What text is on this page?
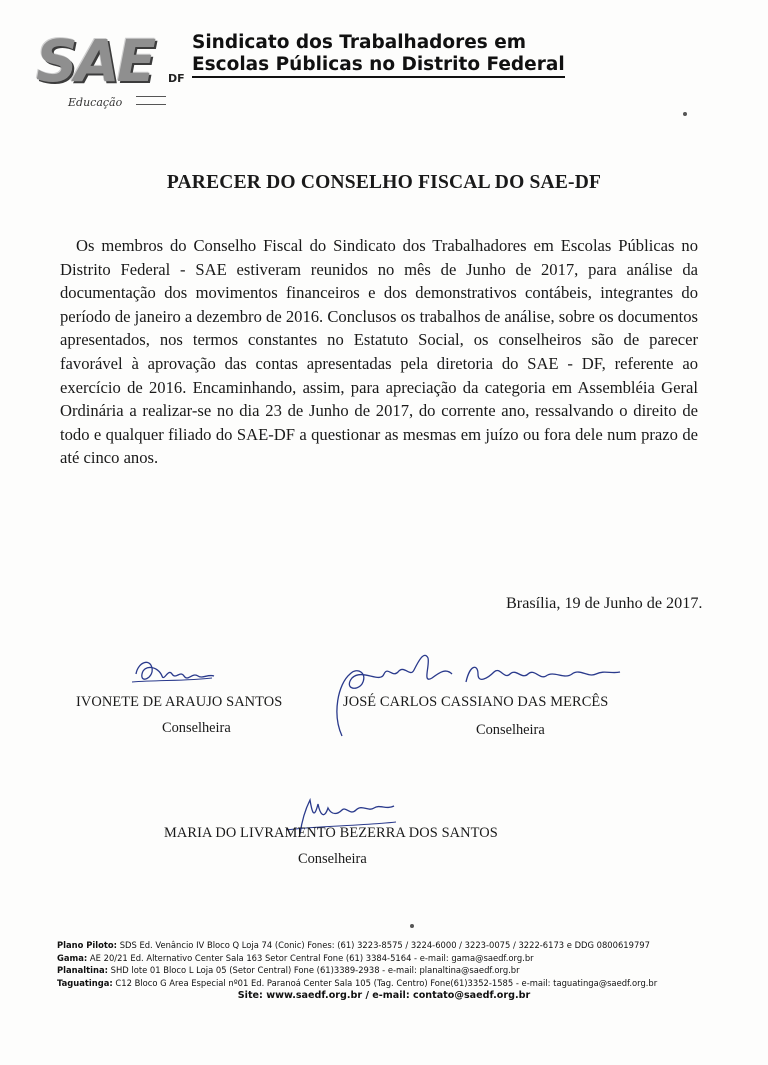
SAE DF
Educação
Sindicato dos Trabalhadores em
Escolas Públicas no Distrito Federal
PARECER DO CONSELHO FISCAL DO SAE-DF
Os membros do Conselho Fiscal do Sindicato dos Trabalhadores em Escolas Públicas no Distrito Federal - SAE estiveram reunidos no mês de Junho de 2017, para análise da documentação dos movimentos financeiros e dos demonstrativos contábeis, integrantes do período de janeiro a dezembro de 2016. Conclusos os trabalhos de análise, sobre os documentos apresentados, nos termos constantes no Estatuto Social, os conselheiros são de parecer favorável à aprovação das contas apresentadas pela diretoria do SAE - DF, referente ao exercício de 2016. Encaminhando, assim, para apreciação da categoria em Assembléia Geral Ordinária a realizar-se no dia 23 de Junho de 2017, do corrente ano, ressalvando o direito de todo e qualquer filiado do SAE-DF a questionar as mesmas em juízo ou fora dele num prazo de até cinco anos.
Brasília, 19 de Junho de 2017.
IVONETE DE ARAUJO SANTOS
Conselheira
JOSÉ CARLOS CASSIANO DAS MERCÊS
Conselheira
MARIA DO LIVRAMENTO BEZERRA DOS SANTOS
Conselheira
Plano Piloto: SDS Ed. Venâncio IV Bloco Q Loja 74 (Conic) Fones: (61) 3223-8575 / 3224-6000 / 3223-0075 / 3222-6173 e DDG 0800619797
Gama: AE 20/21 Ed. Alternativo Center Sala 163 Setor Central Fone (61) 3384-5164 - e-mail: gama@saedf.org.br
Planaltina: SHD lote 01 Bloco L Loja 05 (Setor Central) Fone (61)3389-2938 - e-mail: planaltina@saedf.org.br
Taguatinga: C12 Bloco G Area Especial nº01 Ed. Paranoá Center Sala 105 (Tag. Centro) Fone(61)3352-1585 - e-mail: taguatinga@saedf.org.br
Site: www.saedf.org.br / e-mail: contato@saedf.org.br
